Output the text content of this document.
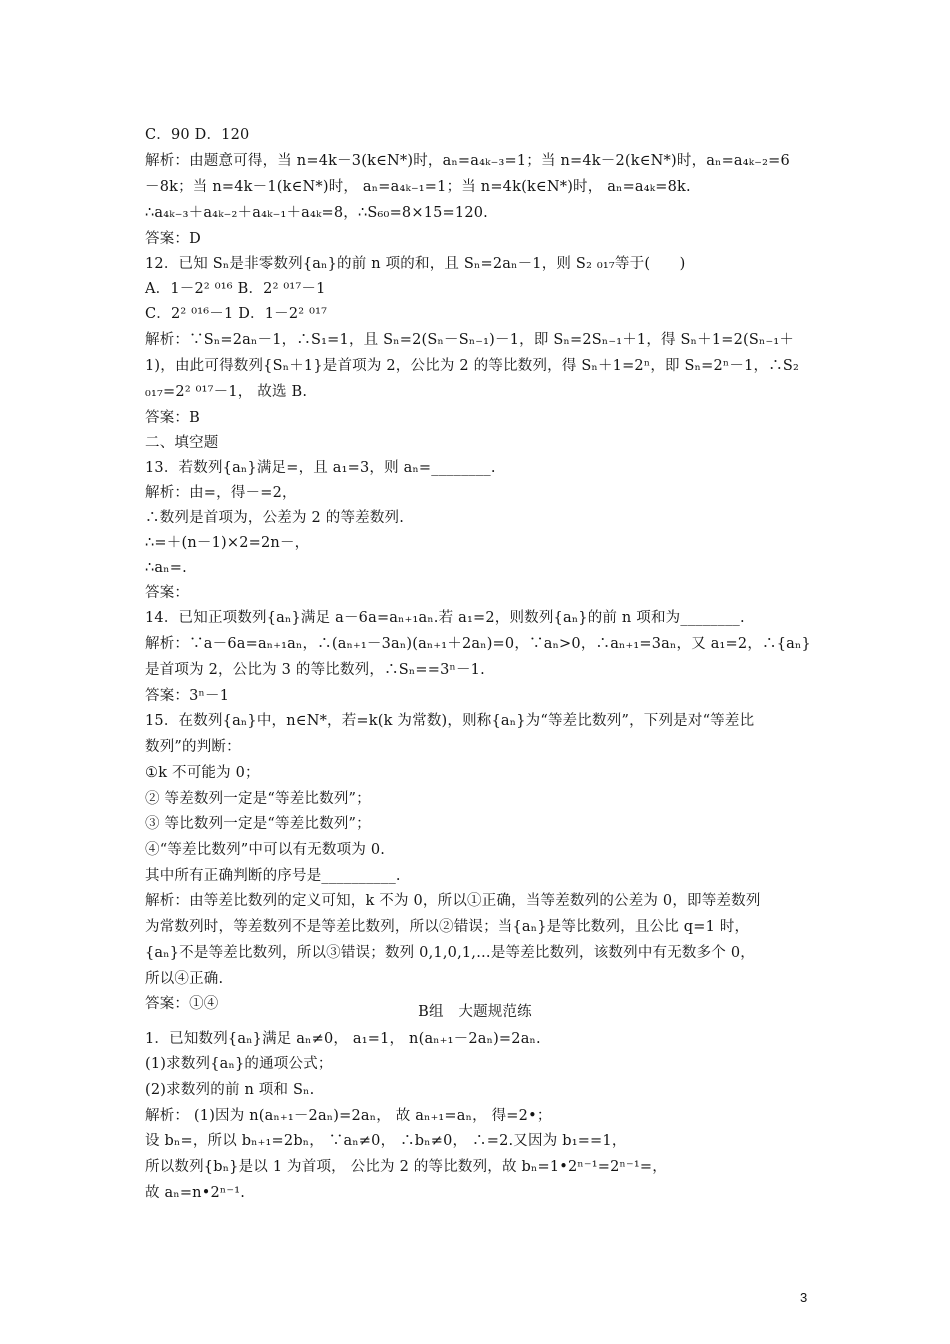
C．90 D．120
解析：由题意可得，当 n=4k－3(k∈N*)时，aₙ=a₄ₖ₋₃=1；当 n=4k－2(k∈N*)时，aₙ=a₄ₖ₋₂=6
－8k；当 n=4k－1(k∈N*)时， aₙ=a₄ₖ₋₁=1；当 n=4k(k∈N*)时， aₙ=a₄ₖ=8k.
∴a₄ₖ₋₃＋a₄ₖ₋₂＋a₄ₖ₋₁＋a₄ₖ=8，∴S₆₀=8×15=120.
答案：D
12．已知 Sₙ是非零数列{aₙ}的前 n 项的和，且 Sₙ=2aₙ－1，则 S₂ ₀₁₇等于(　　)
A．1－2² ⁰¹⁶ B．2² ⁰¹⁷－1
C．2² ⁰¹⁶－1 D．1－2² ⁰¹⁷
解析：∵Sₙ=2aₙ－1，∴S₁=1，且 Sₙ=2(Sₙ－Sₙ₋₁)－1，即 Sₙ=2Sₙ₋₁＋1，得 Sₙ＋1=2(Sₙ₋₁＋
1)，由此可得数列{Sₙ＋1}是首项为 2，公比为 2 的等比数列，得 Sₙ＋1=2ⁿ，即 Sₙ=2ⁿ－1，∴S₂
₀₁₇=2² ⁰¹⁷－1， 故选 B.
答案：B
二、填空题
13．若数列{aₙ}满足=，且 a₁=3，则 aₙ=________.
解析：由=，得－=2，
∴数列是首项为，公差为 2 的等差数列.
∴=＋(n－1)×2=2n－，
∴aₙ=.
答案：
14．已知正项数列{aₙ}满足 a－6a=aₙ₊₁aₙ.若 a₁=2，则数列{aₙ}的前 n 项和为________.
解析：∵a－6a=aₙ₊₁aₙ，∴(aₙ₊₁－3aₙ)(aₙ₊₁＋2aₙ)=0，∵aₙ>0，∴aₙ₊₁=3aₙ，又 a₁=2，∴{aₙ}
是首项为 2，公比为 3 的等比数列，∴Sₙ==3ⁿ－1.
答案：3ⁿ－1
15．在数列{aₙ}中，n∈N*，若=k(k 为常数)，则称{aₙ}为“等差比数列”，下列是对“等差比
数列”的判断：
①k 不可能为 0；
② 等差数列一定是“等差比数列”；
③ 等比数列一定是“等差比数列”；
④“等差比数列”中可以有无数项为 0.
其中所有正确判断的序号是__________.
解析：由等差比数列的定义可知，k 不为 0，所以①正确，当等差数列的公差为 0，即等差数列
为常数列时，等差数列不是等差比数列，所以②错误；当{aₙ}是等比数列，且公比 q=1 时，
{aₙ}不是等差比数列，所以③错误；数列 0,1,0,1,…是等差比数列，该数列中有无数多个 0，
所以④正确.
答案：①④
1．已知数列{aₙ}满足 aₙ≠0， a₁=1， n(aₙ₊₁－2aₙ)=2aₙ.
(1)求数列{aₙ}的通项公式；
(2)求数列的前 n 项和 Sₙ.
解析： (1)因为 n(aₙ₊₁－2aₙ)=2aₙ， 故 aₙ₊₁=aₙ， 得=2•；
设 bₙ=，所以 bₙ₊₁=2bₙ， ∵aₙ≠0， ∴bₙ≠0， ∴=2.又因为 b₁==1，
所以数列{bₙ}是以 1 为首项， 公比为 2 的等比数列，故 bₙ=1•2ⁿ⁻¹=2ⁿ⁻¹=，
故 aₙ=n•2ⁿ⁻¹.
B组　大题规范练
3
